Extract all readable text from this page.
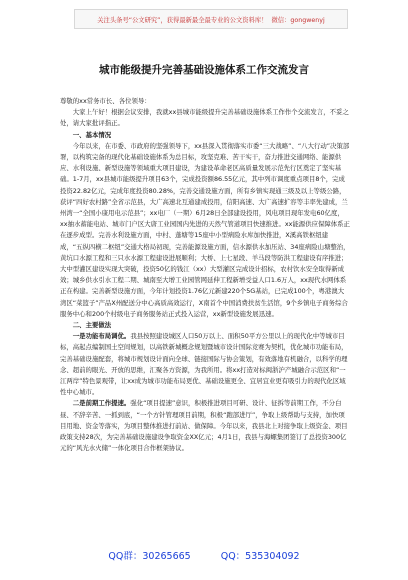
关注头条号“公文研究”，获得最新最全最专业的公文资料库！ 微信：gongwenyj
城市能级提升完善基础设施体系工作交流发言

尊敬的xx常务市长、各位领导：

大家上午好！根据会议安排，我就xx县城市能级提升完善基础设施体系工作作个交流发言，不妥之处，请大家批评指正。

一、基本情况

今年以来，在市委、市政府的坚强领导下，xx县深入贯彻落实市委“三大战略”、“八大行动”决策部署，以构筑完备的现代化基础设施体系为总目标，攻坚克难、苦干实干，奋力推进交通网络、能源供应、水利设施、新型设施等领域重大项目建设，为建设革命老区高质量发展示范先行区奠定了坚实基础。1-7月，xx县城市能级提升项目63个，完成投资额86.55亿元，其中列市调度重点项目8个，完成投资22.82亿元，完成年度投资80.28%，完善交通设施方面，所有乡镇实现通三级及以上等级公路，获评“四好农村路”全省示范县，大广高速北互通建成投用，信阳高速、大广高速扩容等丰率先建成，兰州湾一“全国小康用电示范县”；xx电厂（一期）6月28日全部建设投用，风电项目现年发电60亿度，xx抽水蓄能电站、城市门户区大唐工业园国内先进的天然气管道项目快速推进。xx能源供应保障体系正在逐步成型。完善水利设施方面，中村、蓬塘等15座中小型病险水库加快推进，X溪高铁枢纽建成，“五纵四横二枢纽”交通大格局初现，完善能源设施方面，信水源供水加压站、34座病险山塘整治，黄坑口水源工程和三只水水源工程建设进展顺利；大桥、上七星段、羊马段等防洪工程建设有序推进；大中型灌区建设实现大突破，投资50亿的钱江（xx）大型灌区完成设计招标，农村饮水安全取得新成效；城乡供水引水工程二期、城南至大增工业园管网延伸工程新增受益人口1.6万人，xx现代水网体系正在构建。完善新型设施方面，今年计划投资1.76亿元新建220个5G基站，已完成100个，粤港澳大湾区“菜篮子”产品X州配送分中心高质高效运行，X南首个中国消费扶贫生活馆，9个乡镇电子商务综合服务中心和200个村级电子商务服务站正式投入运营，xx新型设施发展迅速。

二、主要做法

一是功能布局调优。我县按照建设城区人口50万以上、面积50平方公里以上的现代化中等城市目标，高起点编制国土空间规划，以高铁新城概念规划暨城市设计国际竞赛为契机，优化城市功能布局，完善基础设施配套，将城市规划设计面向全球、链接国际与协会策划，有效落地有机融合，以科学的理念、超前的眼光、开放的思维，汇聚各方资源，为我所用。将xx打造对标闽浙沪产城融合示范区和“一江两岸”特色景观带，让xx成为城市功能布局更优、基础设施更全、宜居宜业更有吸引力的现代化区域性中心城市。

二是前期工作提速。强化“项目提速”意识，积极推进项目可研、设计、征拆等前期工作，不分白昼、不辞辛苦、一抓到底，“一个方针管理项目前期，积极“跑部进厅”，争取上级帮助与支持，加快项目用地、资金等落实，为项目整体推进打前站、做保障。今年以来，我县北上对接争取上级资金、项目政策支持28次，为完善基础设施建设争取资金XX亿元；4月1日，我县与海螺集团签订了总投资300亿元的“风光水火储”一体化项目合作框架协议。

QQ群：30265665	QQ：535304092
